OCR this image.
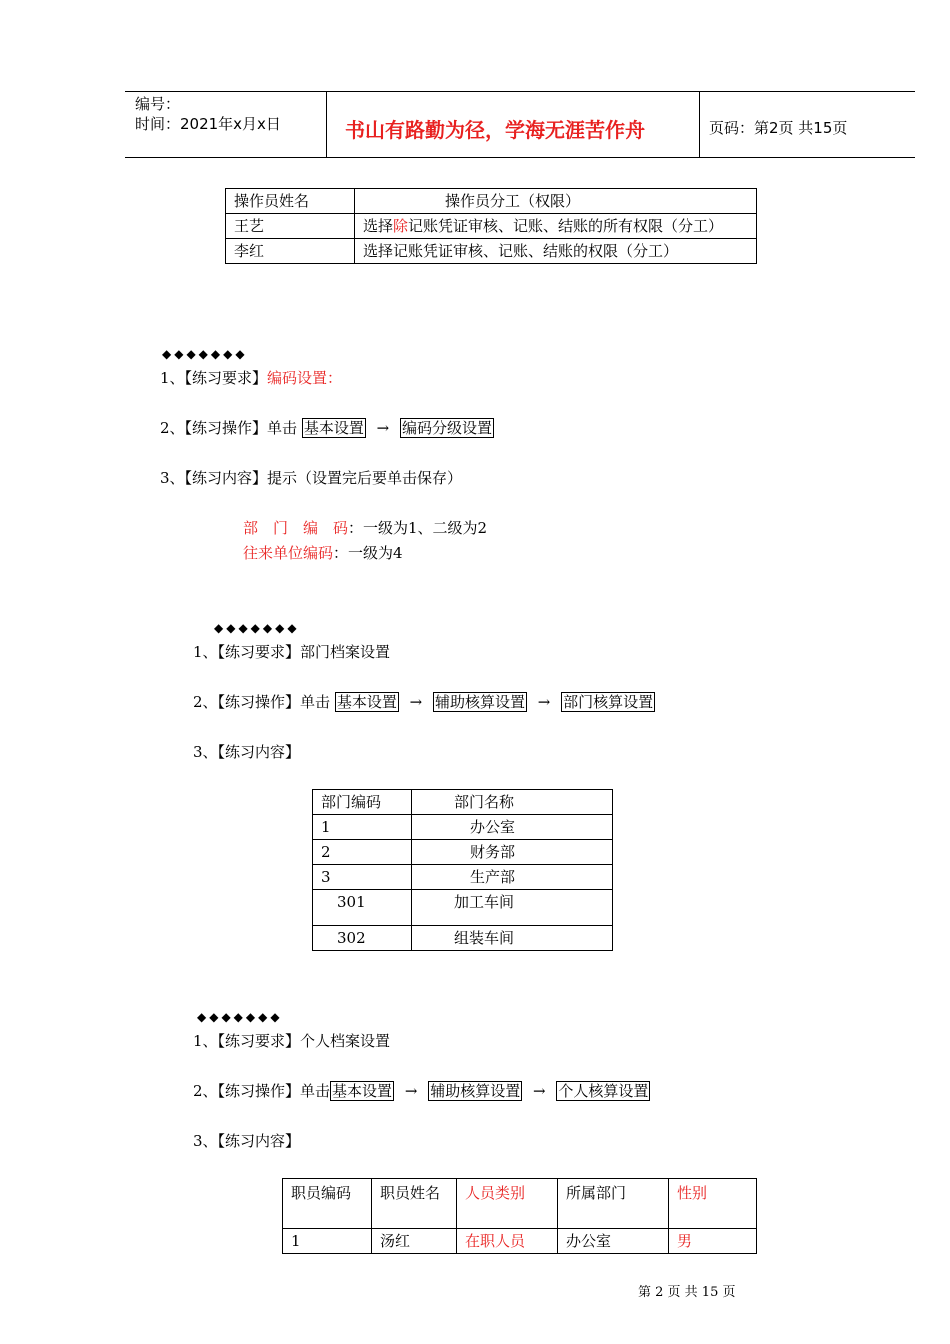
编号：
时间：2021年x月x日	书山有路勤为径，学海无涯苦作舟	页码：第2页 共15页
操作员姓名	操作员分工（权限）
王艺	选择除记账凭证审核、记账、结账的所有权限（分工）
李红	选择记账凭证审核、记账、结账的权限（分工）
◆◆◆◆◆◆◆
1、【练习要求】编码设置：
2、【练习操作】单击 基本设置 → 编码分级设置
3、【练习内容】提示（设置完后要单击保存）
部　门　编　码：一级为1、二级为2
往来单位编码：一级为4
◆◆◆◆◆◆◆
1、【练习要求】部门档案设置
2、【练习操作】单击 基本设置 → 辅助核算设置 → 部门核算设置
3、【练习内容】
部门编码	部门名称
1	办公室
2	财务部
3	生产部
301	加工车间
302	组装车间
◆◆◆◆◆◆◆
1、【练习要求】个人档案设置
2、【练习操作】单击 基本设置 → 辅助核算设置 → 个人核算设置
3、【练习内容】
职员编码	职员姓名	人员类别	所属部门	性别
1	汤红	在职人员	办公室	男
第 2 页 共 15 页
